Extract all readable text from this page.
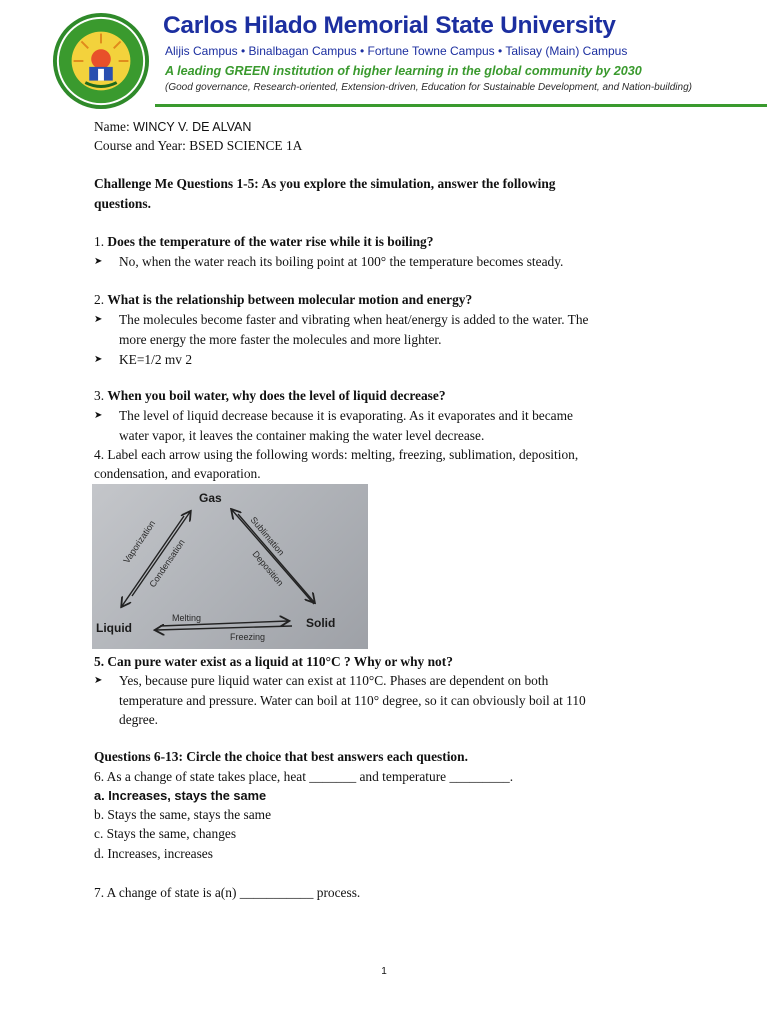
Carlos Hilado Memorial State University
Alijis Campus • Binalbagan Campus • Fortune Towne Campus • Talisay (Main) Campus
A leading GREEN institution of higher learning in the global community by 2030
(Good governance, Research-oriented, Extension-driven, Education for Sustainable Development, and Nation-building)
Name: WINCY V. DE ALVAN
Course and Year: BSED SCIENCE 1A
Challenge Me Questions 1-5: As you explore the simulation, answer the following
questions.
1. Does the temperature of the water rise while it is boiling?
➤ No, when the water reach its boiling point at 100° the temperature becomes steady.
2. What is the relationship between molecular motion and energy?
➤ The molecules become faster and vibrating when heat/energy is added to the water. The
more energy the more faster the molecules and more lighter.
➤ KE=1/2 mv 2
3. When you boil water, why does the level of liquid decrease?
➤ The level of liquid decrease because it is evaporating. As it evaporates and it became
water vapor, it leaves the container making the water level decrease.
4. Label each arrow using the following words: melting, freezing, sublimation, deposition,
condensation, and evaporation.
Gas
Liquid	Solid
Vaporization
Condensation
Sublimation
Deposition
Melting
Freezing
5. Can pure water exist as a liquid at 110°C ? Why or why not?
➤ Yes, because pure liquid water can exist at 110°C. Phases are dependent on both
temperature and pressure. Water can boil at 110° degree, so it can obviously boil at 110
degree.
Questions 6-13: Circle the choice that best answers each question.
6. As a change of state takes place, heat _______ and temperature _________.
a. Increases, stays the same
b. Stays the same, stays the same
c. Stays the same, changes
d. Increases, increases
7. A change of state is a(n) ___________ process.
1
